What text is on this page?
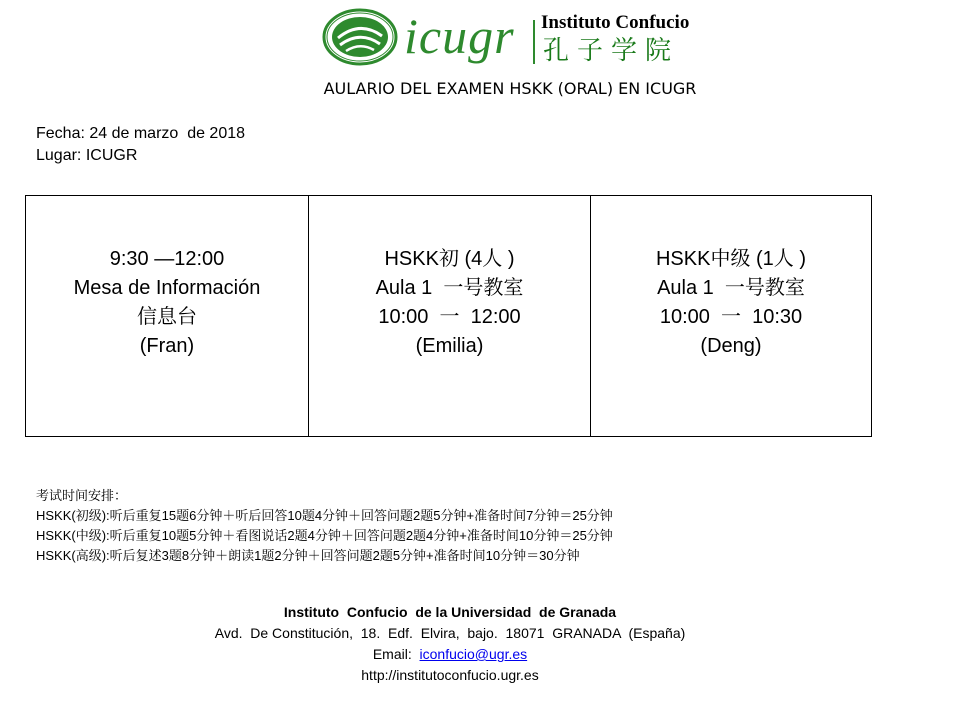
icugr Instituto Confucio
孔子学院
AULARIO DEL EXAMEN HSKK (ORAL) EN ICUGR
Fecha: 24 de marzo  de 2018
Lugar: ICUGR
9:30 —12:00
Mesa de Información
信息台
(Fran)
HSKK初 (4人 )
Aula 1  一号教室
10:00  一  12:00
(Emilia)
HSKK中级 (1人 )
Aula 1  一号教室
10:00  一  10:30
(Deng)
考试时间安排：
HSKK(初级):听后重复15题6分钟＋听后回答10题4分钟＋回答问题2题5分钟+准备时间7分钟＝25分钟
HSKK(中级):听后重复10题5分钟＋看图说话2题4分钟＋回答问题2题4分钟+准备时间10分钟＝25分钟
HSKK(高级):听后复述3题8分钟＋朗读1题2分钟＋回答问题2题5分钟+准备时间10分钟＝30分钟
Instituto  Confucio  de la Universidad  de Granada
Avd.  De Constitución,  18.  Edf.  Elvira,  bajo.  18071  GRANADA  (España)
Email: iconfucio@ugr.es
http://institutoconfucio.ugr.es
